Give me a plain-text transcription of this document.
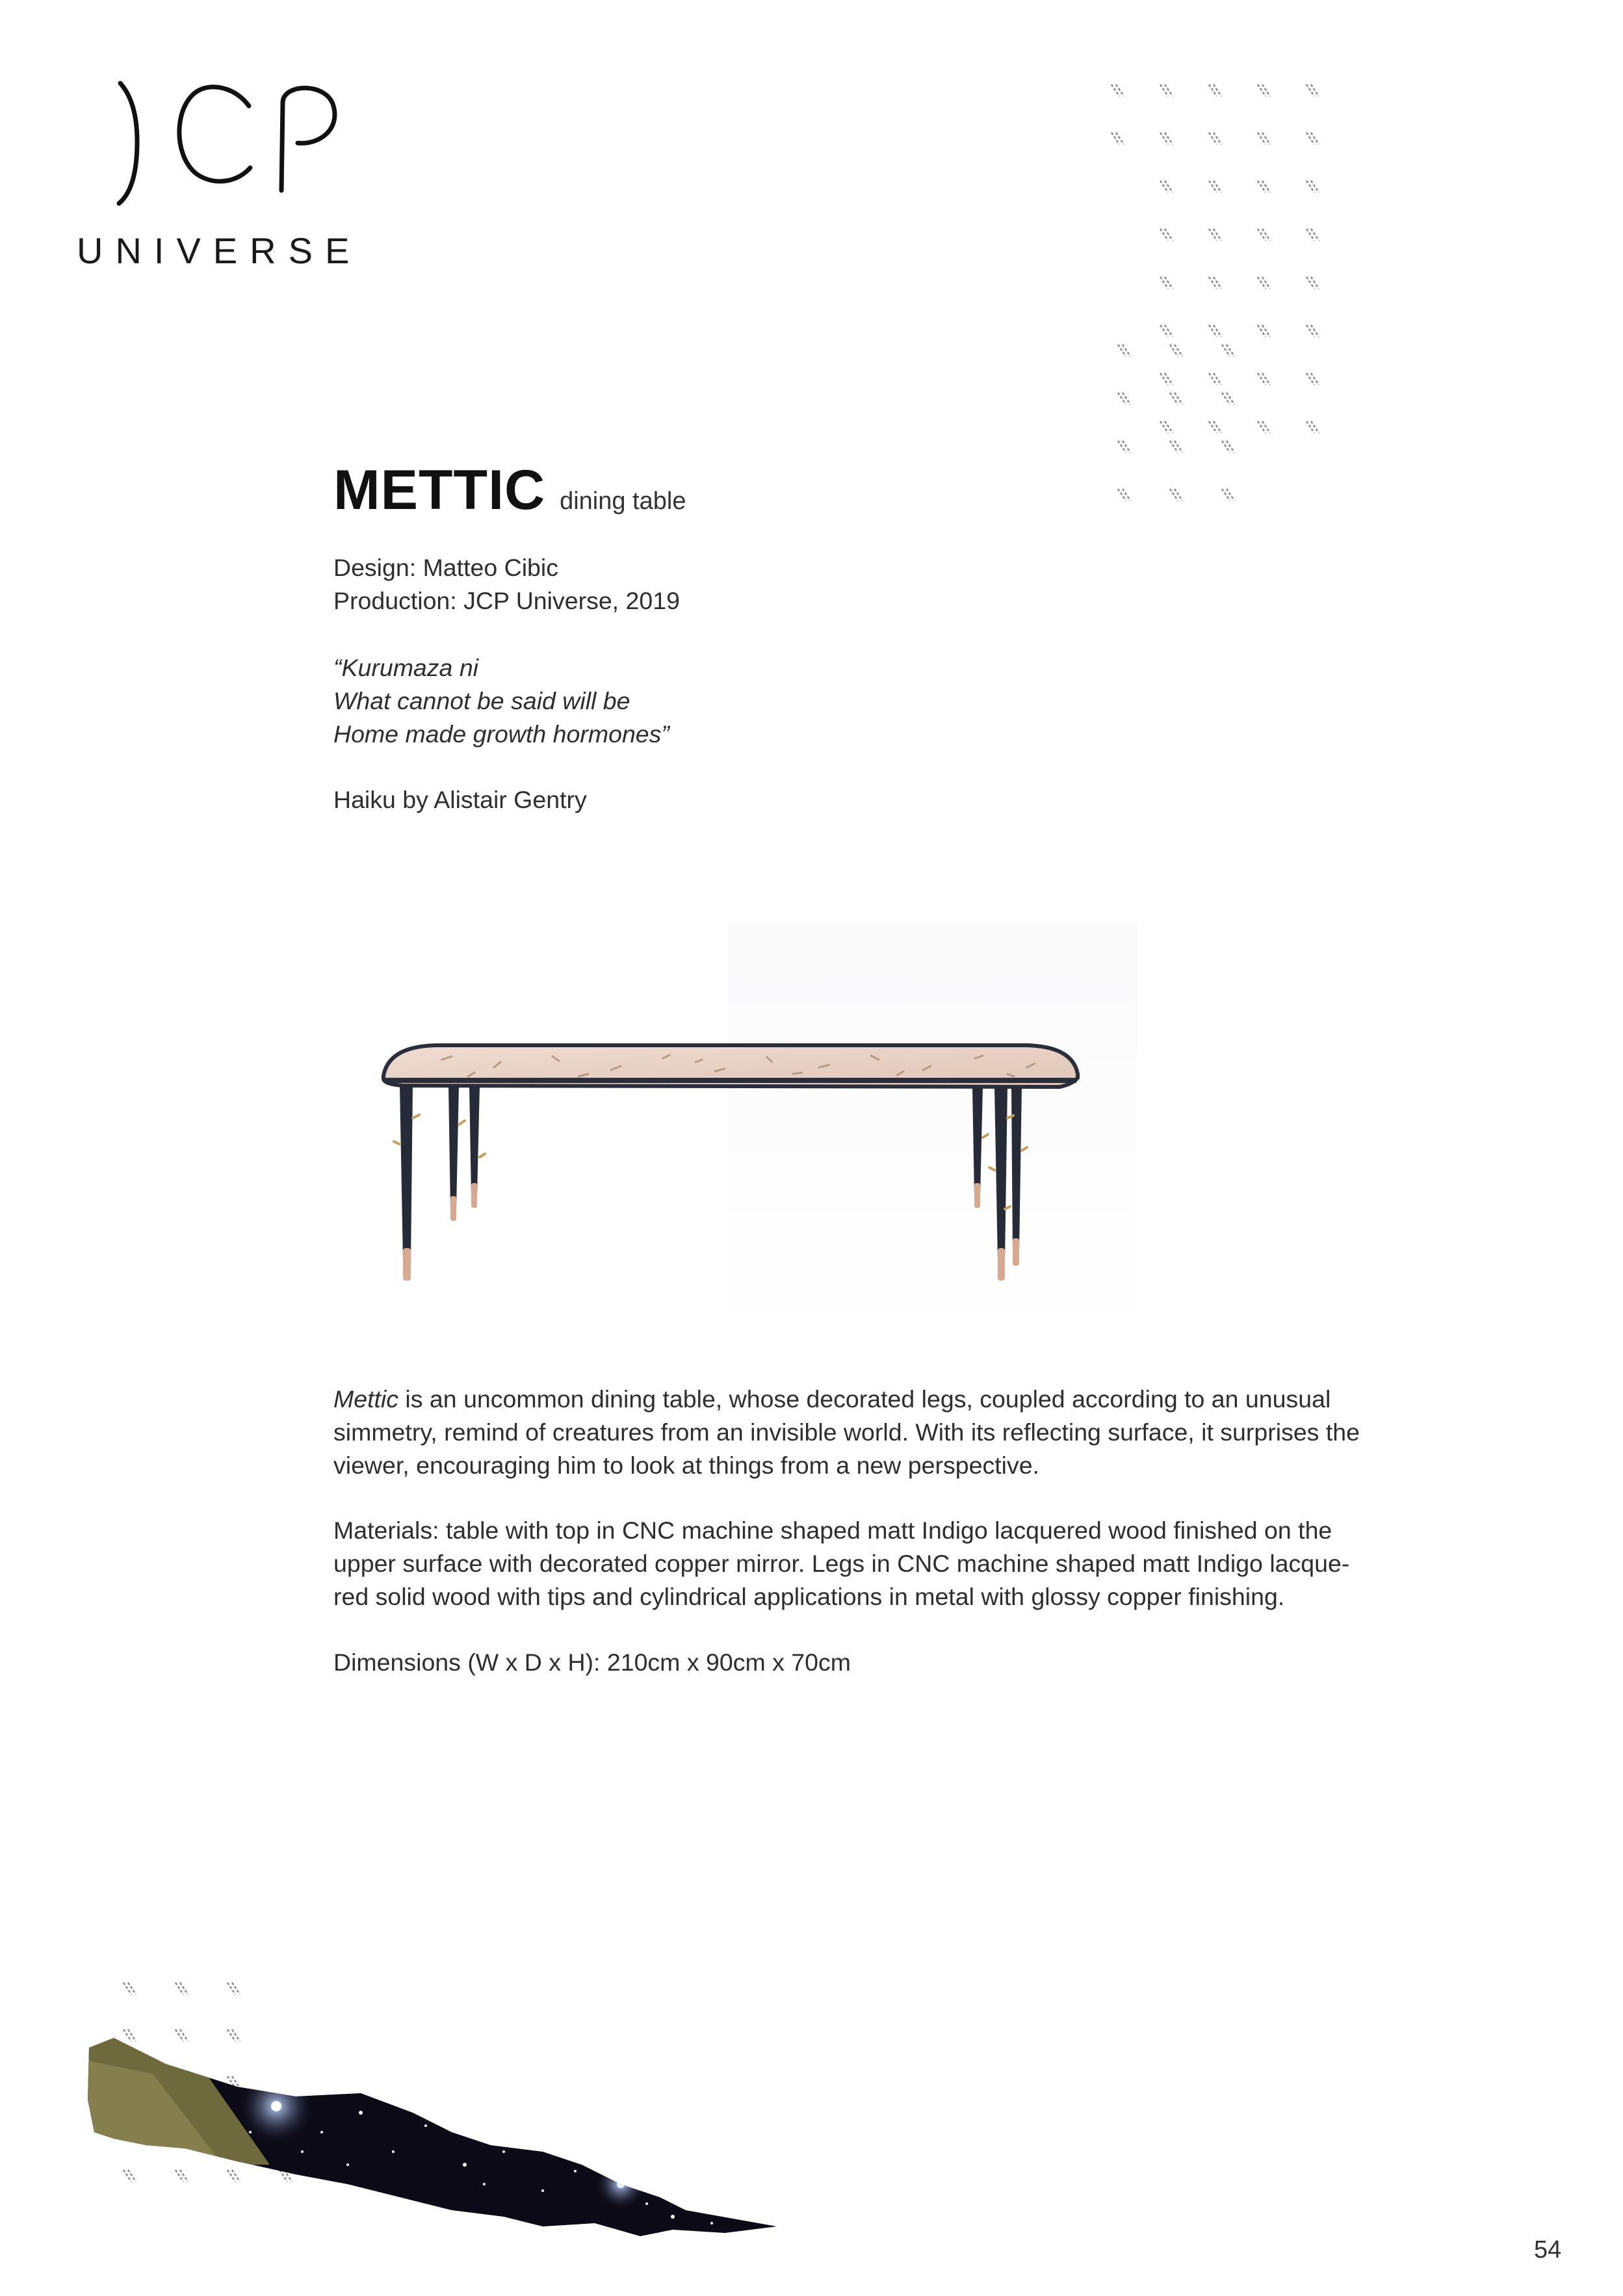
UNIVERSE
METTIC dining table
Design: Matteo Cibic
Production: JCP Universe, 2019
“Kurumaza ni
What cannot be said will be
Home made growth hormones”
Haiku by Alistair Gentry

Mettic is an uncommon dining table, whose decorated legs, coupled according to an unusual

simmetry, remind of creatures from an invisible world. With its reflecting surface, it surprises the

viewer, encouraging him to look at things from a new perspective.

Materials: table with top in CNC machine shaped matt Indigo lacquered wood finished on the
upper surface with decorated copper mirror. Legs in CNC machine shaped matt Indigo lacque-
red solid wood with tips and cylindrical applications in metal with glossy copper finishing.
Dimensions (W x D x H): 210cm x 90cm x 70cm
54
